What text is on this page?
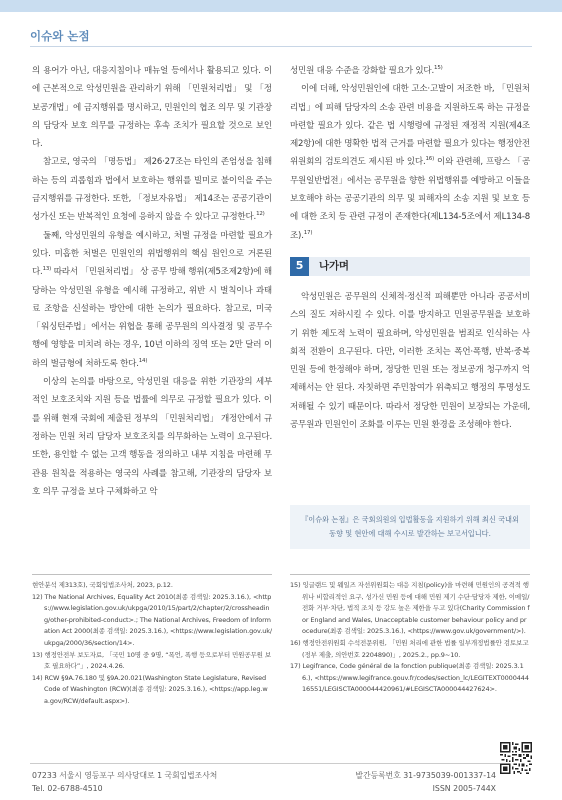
이슈와 논점

의 용어가 아닌, 대응지침이나 매뉴얼 등에서나 활용되고 있다. 이에 근본적으로 악성민원을 관리하기 위해 「민원처리법」 및 「정보공개법」에 금지행위를 명시하고, 민원인의 협조 의무 및 기관장의 담당자 보호 의무를 규정하는 후속 조치가 필요할 것으로 보인다.

참고로, 영국의 「명등법」 제26·27조는 타인의 존엄성을 침해하는 등의 괴롭힘과 법에서 보호하는 행위를 빌미로 불이익을 주는 금지행위를 규정한다. 또한, 「정보자유법」 제14조는 공공기관이 성가신 또는 반복적인 요청에 응하지 않을 수 있다고 규정한다.$^{12)}$

둘째, 악성민원의 유형을 예시하고, 처벌 규정을 마련할 필요가 있다. 미흡한 처벌은 민원인의 위법행위의 핵심 원인으로 거론된다.$^{13)}$ 따라서 「민원처리법」 상 공무 방해 행위(제5조제2항)에 해당하는 악성민원 유형을 예시해 규정하고, 위반 시 벌칙이나 과태료 조항을 신설하는 방안에 대한 논의가 필요하다. 참고로, 미국 「워싱턴주법」에서는 위협을 통해 공무원의 의사결정 및 공무수행에 영향을 미치려 하는 경우, 10년 이하의 징역 또는 2만 달러 이하의 벌금형에 처하도록 한다.$^{14)}$

이상의 논의를 바탕으로, 악성민원 대응을 위한 기관장의 세부적인 보호조치와 지원 등을 법률에 의무로 규정할 필요가 있다. 이를 위해 현재 국회에 제출된 정부의 「민원처리법」 개정안에서 규정하는 민원 처리 담당자 보호조치를 의무화하는 노력이 요구된다. 또한, 용인할 수 없는 고객 행동을 정의하고 내부 지침을 마련해 무관용 원칙을 적용하는 영국의 사례를 참고해, 기관장의 담당자 보호 의무 규정을 보다 구체화하고 악

성민원 대응 수준을 강화할 필요가 있다.$^{15)}$

이에 더해, 악성민원인에 대한 고소·고발이 저조한 바, 「민원처리법」에 피해 담당자의 소송 관련 비용을 지원하도록 하는 규정을 마련할 필요가 있다. 같은 법 시행령에 규정된 재정적 지원(제4조제2항)에 대한 명확한 법적 근거를 마련할 필요가 있다는 행정안전위원회의 검토의견도 제시된 바 있다.$^{16)}$ 이와 관련해, 프랑스 「공무원일반법전」에서는 공무원을 향한 위법행위를 예방하고 이들을 보호해야 하는 공공기관의 의무 및 피해자의 소송 지원 및 보호 등에 대한 조치 등 관련 규정이 존재한다(제L134-5조에서 제L134-8조).$^{17)}$

5	나가며

악성민원은 공무원의 신체적·정신적 피해뿐만 아니라 공공서비스의 질도 저하시킬 수 있다. 이를 방지하고 민원공무원을 보호하기 위한 제도적 노력이 필요하며, 악성민원을 범죄로 인식하는 사회적 전환이 요구된다. 다만, 이러한 조치는 폭언·폭행, 반복·중복 민원 등에 한정해야 하며, 정당한 민원 또는 정보공개 청구까지 억제해서는 안 된다. 자칫하면 주민참여가 위축되고 행정의 투명성도 저해될 수 있기 때문이다. 따라서 정당한 민원이 보장되는 가운데, 공무원과 민원인이 조화를 이루는 민원 환경을 조성해야 한다.

『이슈와 논점』은 국회의원의 입법활동을 지원하기 위해 최신 국내외 동향 및 현안에 대해 수시로 발간하는 보고서입니다.
현안분석 제313호), 국회입법조사처, 2023, p.12.
12) The National Archives, Equality Act 2010(최종 검색일: 2025.3.16.), <https://www.legislation.gov.uk/ukpga/2010/15/part/2/chapter/2/crossheading/other-prohibited-conduct>.; The National Archives, Freedom of Information Act 2000(최종 검색일: 2025.3.16.), <https://www.legislation.gov.uk/ukpga/2000/36/section/14>.
13) 행정안전부 보도자료, 「국민 10명 중 9명, “폭언, 폭행 등으로부터 민원공무원 보호 필요하다”」, 2024.4.26.
14) RCW §9A.76.180 및 §9A.20.021(Washington State Legislature, Revised Code of Washington (RCW)(최종 검색일: 2025.3.16.), <https://app.leg.wa.gov/RCW/default.aspx>).
15) 잉글랜드 및 웨일즈 자선위원회는 대응 지침(policy)을 마련해 민원인의 공격적 행위나 비합리적인 요구, 성가신 민원 등에 대해 민원 제기 수단·담당자 제한, 이메일/전화 거부·차단, 법적 조치 등 강도 높은 제한을 두고 있다(Charity Commission for England and Wales, Unacceptable customer behaviour policy and procedure(최종 검색일: 2025.3.16.), <https://www.gov.uk/government/>).
16) 행정안전위원회 수석전문위원, 「민원 처리에 관한 법률 일부개정법률안 검토보고(정부 제출, 의안번호 2204890)」, 2025.2., pp.9~10.
17) Legifrance, Code général de la fonction publique(최종 검색일: 2025.3.16.), <https://www.legifrance.gouv.fr/codes/section_lc/LEGITEXT000044416551/LEGISCTA000044420961/#LEGISCTA000044427624>.
07233 서울시 영등포구 의사당대로 1 국회입법조사처
Tel. 02-6788-4510
발간등록번호 31-9735039-001337-14
ISSN 2005-744X
